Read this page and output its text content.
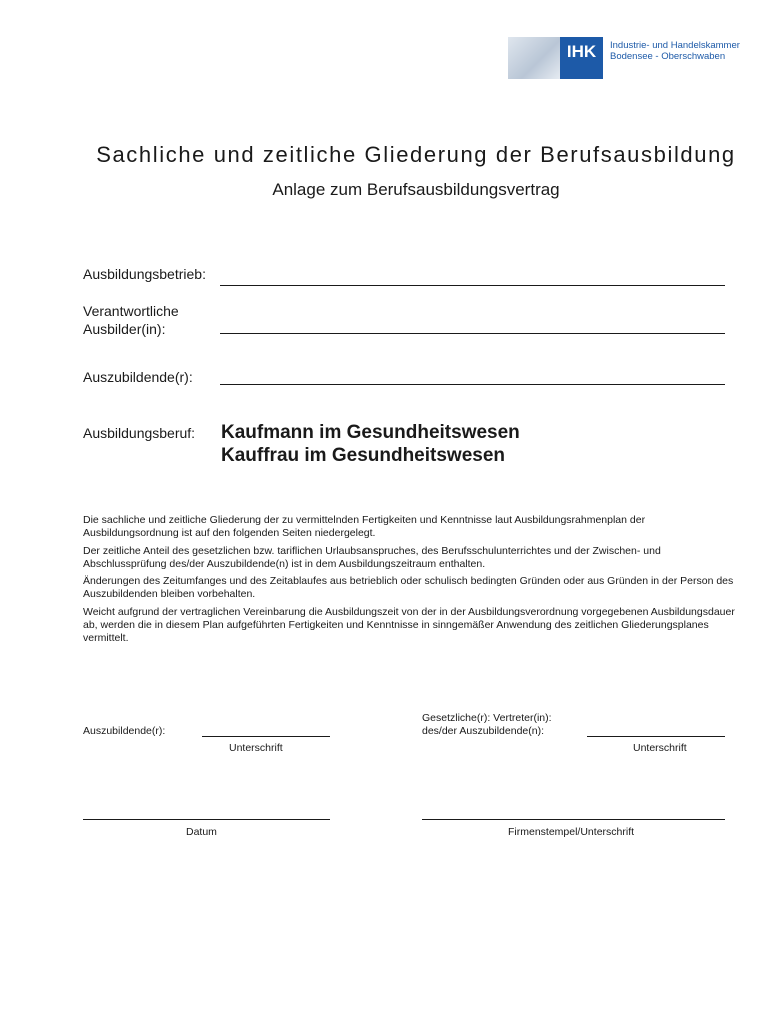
IHK	Industrie- und Handelskammer
Bodensee - Oberschwaben
Sachliche und zeitliche Gliederung der Berufsausbildung
Anlage zum Berufsausbildungsvertrag
Ausbildungsbetrieb:
Verantwortliche
Ausbilder(in):
Auszubildende(r):
Ausbildungsberuf: Kaufmann im Gesundheitswesen
Kauffrau im Gesundheitswesen

Die sachliche und zeitliche Gliederung der zu vermittelnden Fertigkeiten und Kenntnisse laut Ausbildungsrahmenplan der Ausbildungsordnung ist auf den folgenden Seiten niedergelegt.

Der zeitliche Anteil des gesetzlichen bzw. tariflichen Urlaubsanspruches, des Berufsschulunterrichtes und der Zwischen- und Abschlussprüfung des/der Auszubildende(n) ist in dem Ausbildungszeitraum enthalten.

Änderungen des Zeitumfanges und des Zeitablaufes aus betrieblich oder schulisch bedingten Gründen oder aus Gründen in der Person des Auszubildenden bleiben vorbehalten.

Weicht aufgrund der vertraglichen Vereinbarung die Ausbildungszeit von der in der Ausbildungsverordnung vorgegebenen Ausbildungsdauer ab, werden die in diesem Plan aufgeführten Fertigkeiten und Kenntnisse in sinngemäßer Anwendung des zeitlichen Gliederungsplanes vermittelt.

Auszubildende(r):
Unterschrift
Gesetzliche(r): Vertreter(in):
des/der Auszubildende(n):
Unterschrift
Datum	Firmenstempel/Unterschrift
